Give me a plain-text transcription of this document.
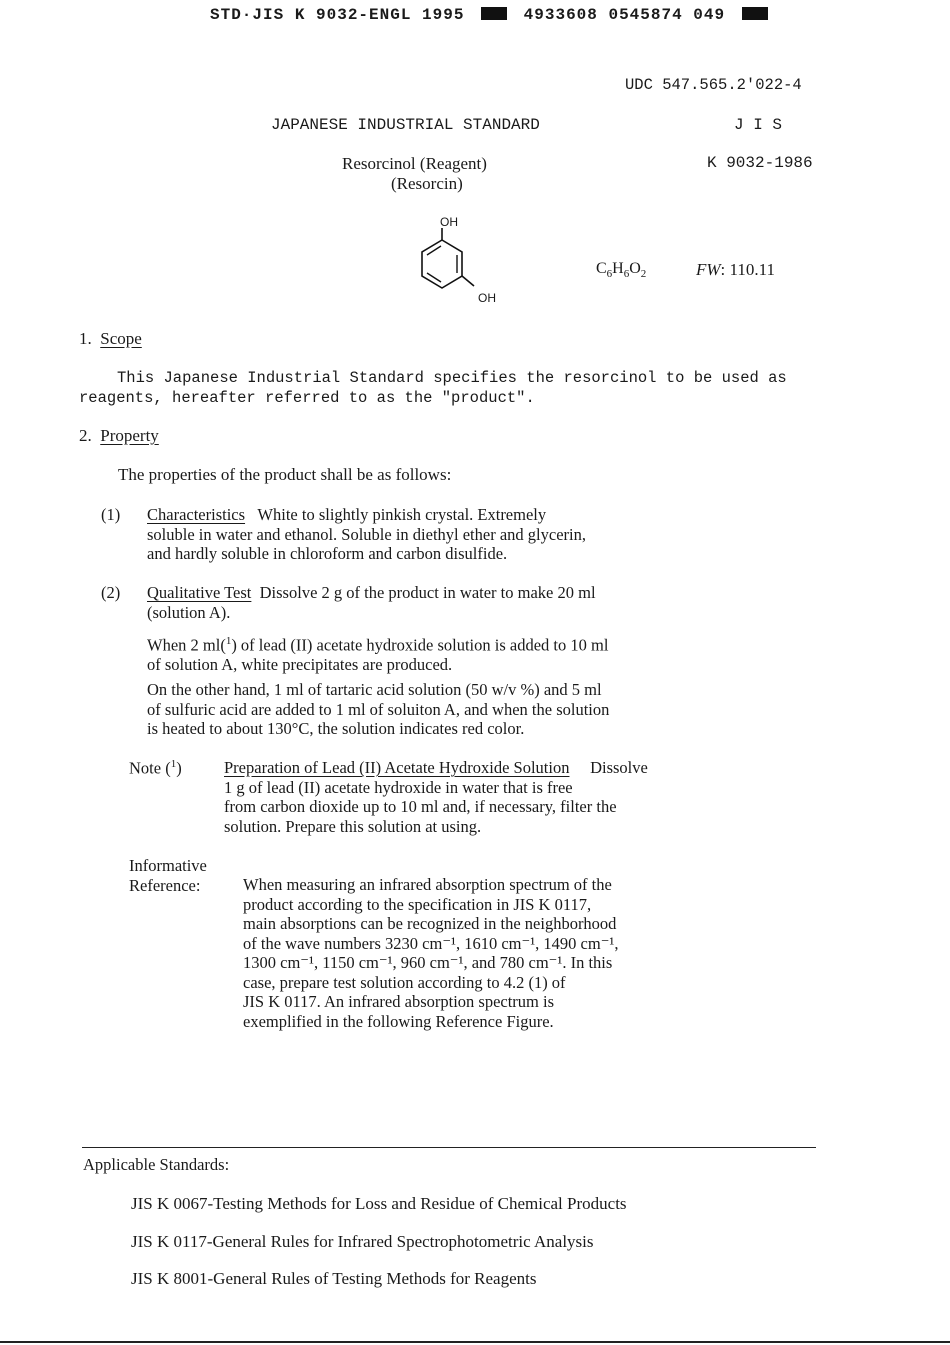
STD·JIS K 9032-ENGL 1995	4933608 0545874 049
UDC 547.565.2'022-4
JAPANESE INDUSTRIAL STANDARD	J I S
Resorcinol (Reagent)	K 9032-1986
(Resorcin)
OH
OH
$C_6H_6O_2$	FW: 110.11
1. Scope

This Japanese Industrial Standard specifies the resorcinol to be used as

reagents, hereafter referred to as the "product".

2. Property
The properties of the product shall be as follows:
(1) Characteristics White to slightly pinkish crystal. Extremely

soluble in water and ethanol. Soluble in diethyl ether and glycerin,

and hardly soluble in chloroform and carbon disulfide.

(2) Qualitative Test Dissolve 2 g of the product in water to make 20 ml

(solution A).

When 2 ml($^1$) of lead (II) acetate hydroxide solution is added to 10 ml

of solution A, white precipitates are produced.

On the other hand, 1 ml of tartaric acid solution (50 w/v %) and 5 ml

of sulfuric acid are added to 1 ml of soluiton A, and when the solution

is heated to about 130°C, the solution indicates red color.

Note ($^1$)	Preparation of Lead (II) Acetate Hydroxide Solution Dissolve

1 g of lead (II) acetate hydroxide in water that is free

from carbon dioxide up to 10 ml and, if necessary, filter the

solution. Prepare this solution at using.

Informative

Reference:	When measuring an infrared absorption spectrum of the

product according to the specification in JIS K 0117,

main absorptions can be recognized in the neighborhood

of the wave numbers 3230 cm⁻¹, 1610 cm⁻¹, 1490 cm⁻¹,

1300 cm⁻¹, 1150 cm⁻¹, 960 cm⁻¹, and 780 cm⁻¹. In this

case, prepare test solution according to 4.2 (1) of

JIS K 0117. An infrared absorption spectrum is

exemplified in the following Reference Figure.

Applicable Standards:
JIS K 0067-Testing Methods for Loss and Residue of Chemical Products
JIS K 0117-General Rules for Infrared Spectrophotometric Analysis
JIS K 8001-General Rules of Testing Methods for Reagents
